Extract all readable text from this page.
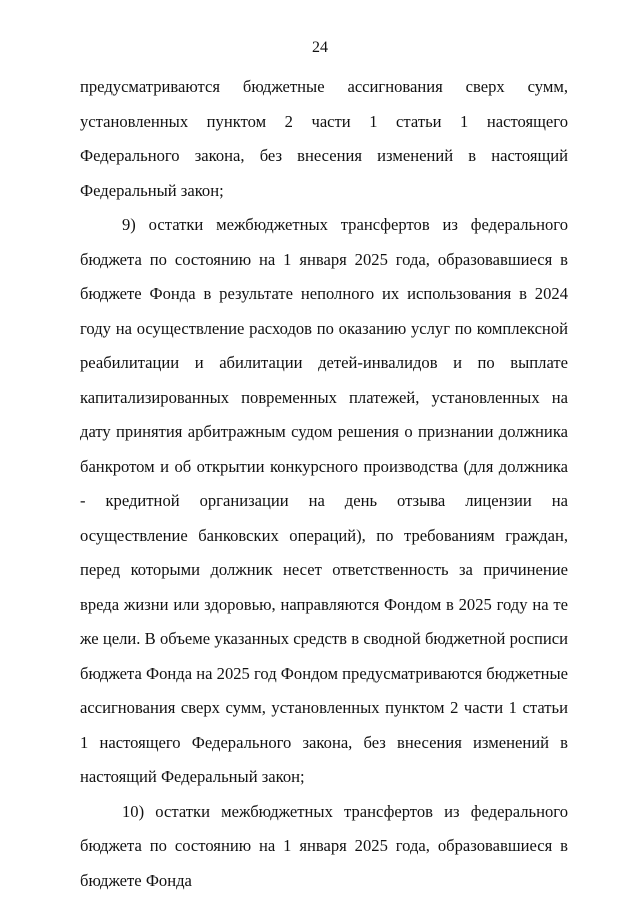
24

предусматриваются бюджетные ассигнования сверх сумм, установленных пунктом 2 части 1 статьи 1 настоящего Федерального закона, без внесения изменений в настоящий Федеральный закон;

9) остатки межбюджетных трансфертов из федерального бюджета по состоянию на 1 января 2025 года, образовавшиеся в бюджете Фонда в результате неполного их использования в 2024 году на осуществление расходов по оказанию услуг по комплексной реабилитации и абилитации детей-инвалидов и по выплате капитализированных повременных платежей, установленных на дату принятия арбитражным судом решения о признании должника банкротом и об открытии конкурсного производства (для должника - кредитной организации на день отзыва лицензии на осуществление банковских операций), по требованиям граждан, перед которыми должник несет ответственность за причинение вреда жизни или здоровью, направляются Фондом в 2025 году на те же цели. В объеме указанных средств в сводной бюджетной росписи бюджета Фонда на 2025 год Фондом предусматриваются бюджетные ассигнования сверх сумм, установленных пунктом 2 части 1 статьи 1 настоящего Федерального закона, без внесения изменений в настоящий Федеральный закон;

10) остатки межбюджетных трансфертов из федерального бюджета по состоянию на 1 января 2025 года, образовавшиеся в бюджете Фонда
